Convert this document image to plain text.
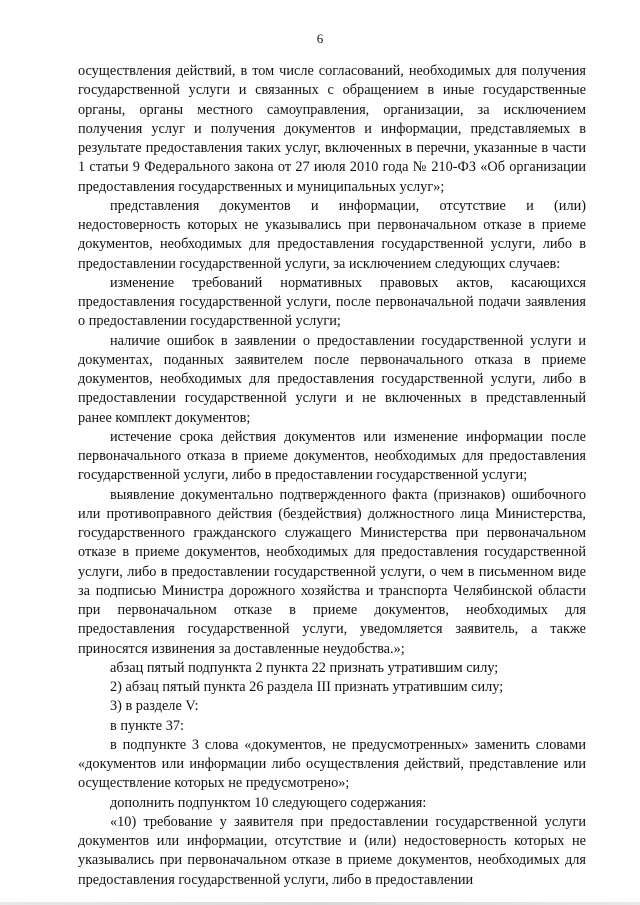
6

осуществления действий, в том числе согласований, необходимых для получения государственной услуги и связанных с обращением в иные государственные органы, органы местного самоуправления, организации, за исключением получения услуг и получения документов и информации, представляемых в результате предоставления таких услуг, включенных в перечни, указанные в части 1 статьи 9 Федерального закона от 27 июля 2010 года № 210-ФЗ «Об организации предоставления государственных и муниципальных услуг»;

представления документов и информации, отсутствие и (или) недостоверность которых не указывались при первоначальном отказе в приеме документов, необходимых для предоставления государственной услуги, либо в предоставлении государственной услуги, за исключением следующих случаев:

изменение требований нормативных правовых актов, касающихся предоставления государственной услуги, после первоначальной подачи заявления о предоставлении государственной услуги;

наличие ошибок в заявлении о предоставлении государственной услуги и документах, поданных заявителем после первоначального отказа в приеме документов, необходимых для предоставления государственной услуги, либо в предоставлении государственной услуги и не включенных в представленный ранее комплект документов;

истечение срока действия документов или изменение информации после первоначального отказа в приеме документов, необходимых для предоставления государственной услуги, либо в предоставлении государственной услуги;

выявление документально подтвержденного факта (признаков) ошибочного или противоправного действия (бездействия) должностного лица Министерства, государственного гражданского служащего Министерства при первоначальном отказе в приеме документов, необходимых для предоставления государственной услуги, либо в предоставлении государственной услуги, о чем в письменном виде за подписью Министра дорожного хозяйства и транспорта Челябинской области при первоначальном отказе в приеме документов, необходимых для предоставления государственной услуги, уведомляется заявитель, а также приносятся извинения за доставленные неудобства.»;

абзац пятый подпункта 2 пункта 22 признать утратившим силу;

2) абзац пятый пункта 26 раздела III признать утратившим силу;

3) в разделе V:

в пункте 37:

в подпункте 3 слова «документов, не предусмотренных» заменить словами «документов или информации либо осуществления действий, представление или осуществление которых не предусмотрено»;

дополнить подпунктом 10 следующего содержания:

«10) требование у заявителя при предоставлении государственной услуги документов или информации, отсутствие и (или) недостоверность которых не указывались при первоначальном отказе в приеме документов, необходимых для предоставления государственной услуги, либо в предоставлении
